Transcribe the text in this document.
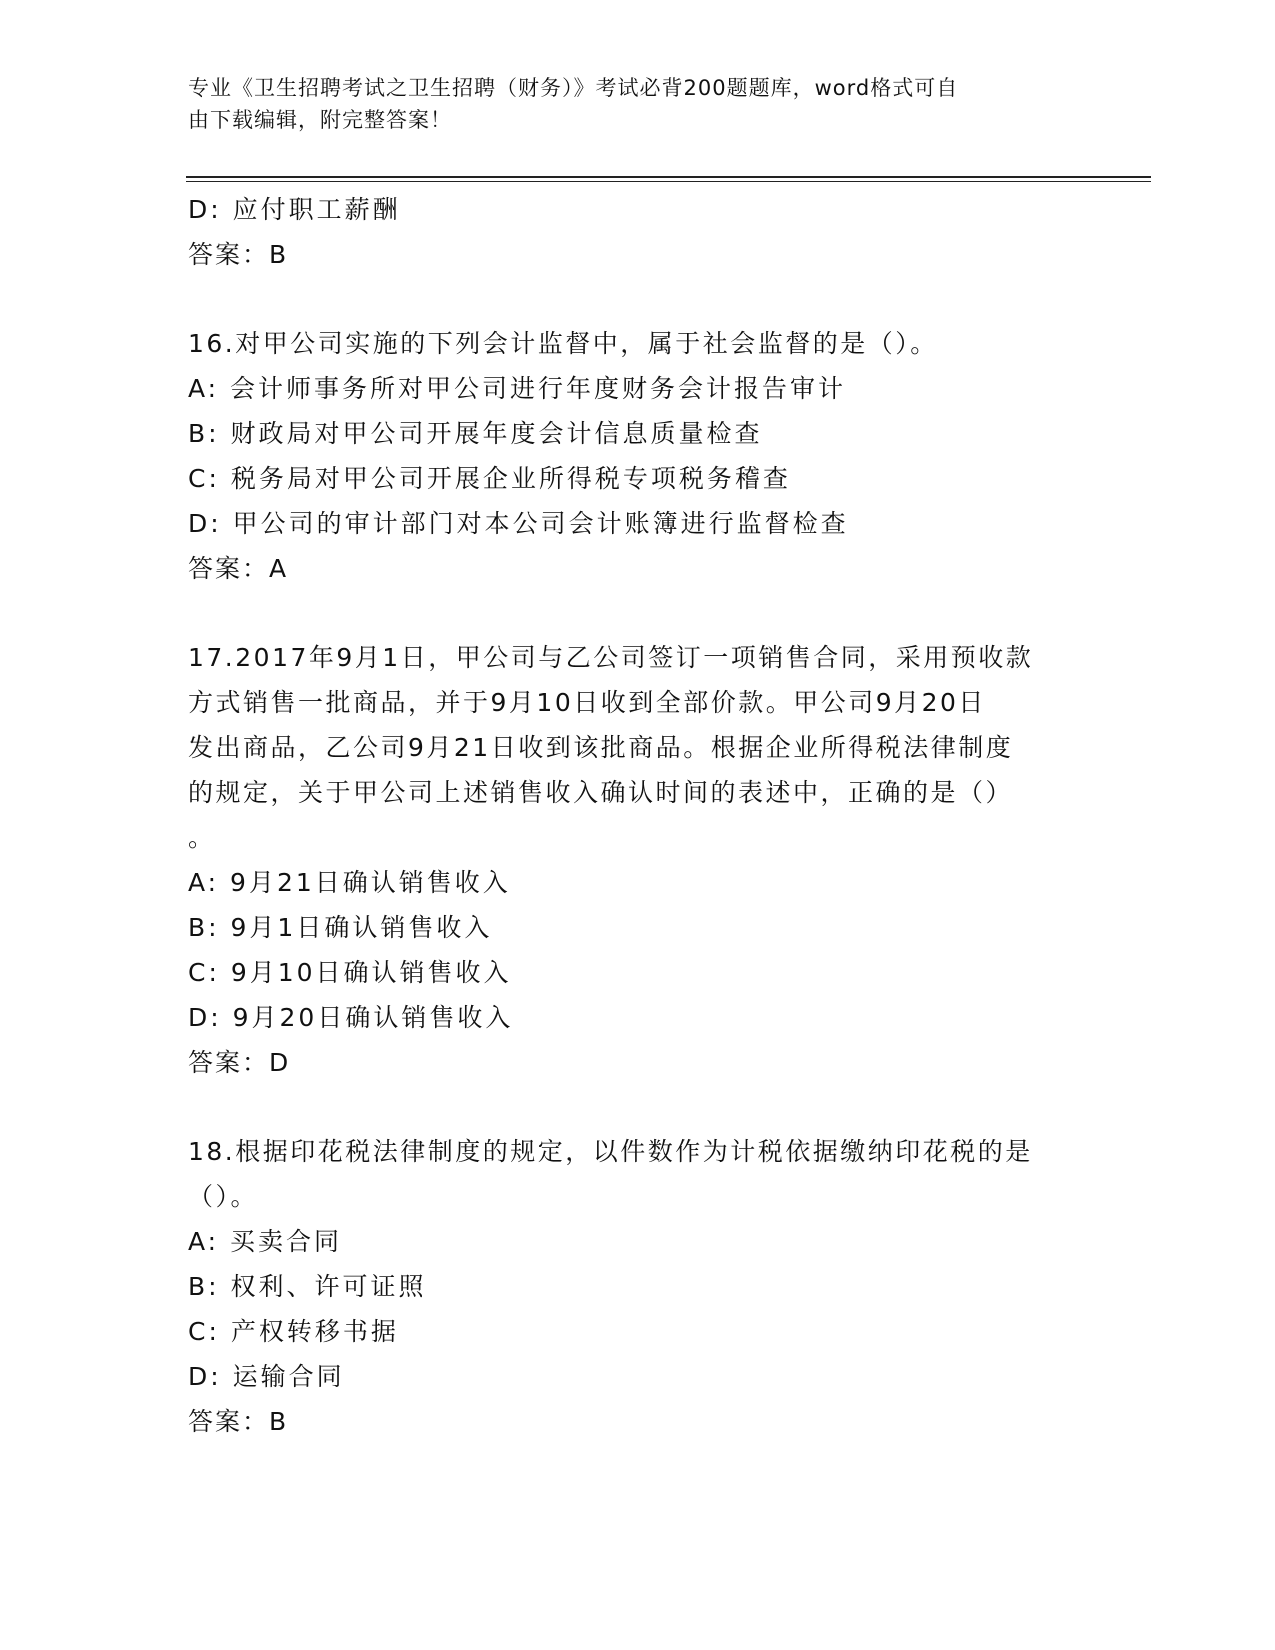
专业《卫生招聘考试之卫生招聘（财务）》考试必背200题题库，word格式可自
由下载编辑，附完整答案！
D: 应付职工薪酬
答案：B
16.对甲公司实施的下列会计监督中，属于社会监督的是（）。
A: 会计师事务所对甲公司进行年度财务会计报告审计
B: 财政局对甲公司开展年度会计信息质量检查
C: 税务局对甲公司开展企业所得税专项税务稽查
D: 甲公司的审计部门对本公司会计账簿进行监督检查
答案：A
17.2017年9月1日，甲公司与乙公司签订一项销售合同，采用预收款
方式销售一批商品，并于9月10日收到全部价款。甲公司9月20日
发出商品，乙公司9月21日收到该批商品。根据企业所得税法律制度
的规定，关于甲公司上述销售收入确认时间的表述中，正确的是（）
。
A: 9月21日确认销售收入
B: 9月1日确认销售收入
C: 9月10日确认销售收入
D: 9月20日确认销售收入
答案：D
18.根据印花税法律制度的规定，以件数作为计税依据缴纳印花税的是
（）。
A: 买卖合同
B: 权利、许可证照
C: 产权转移书据
D: 运输合同
答案：B
